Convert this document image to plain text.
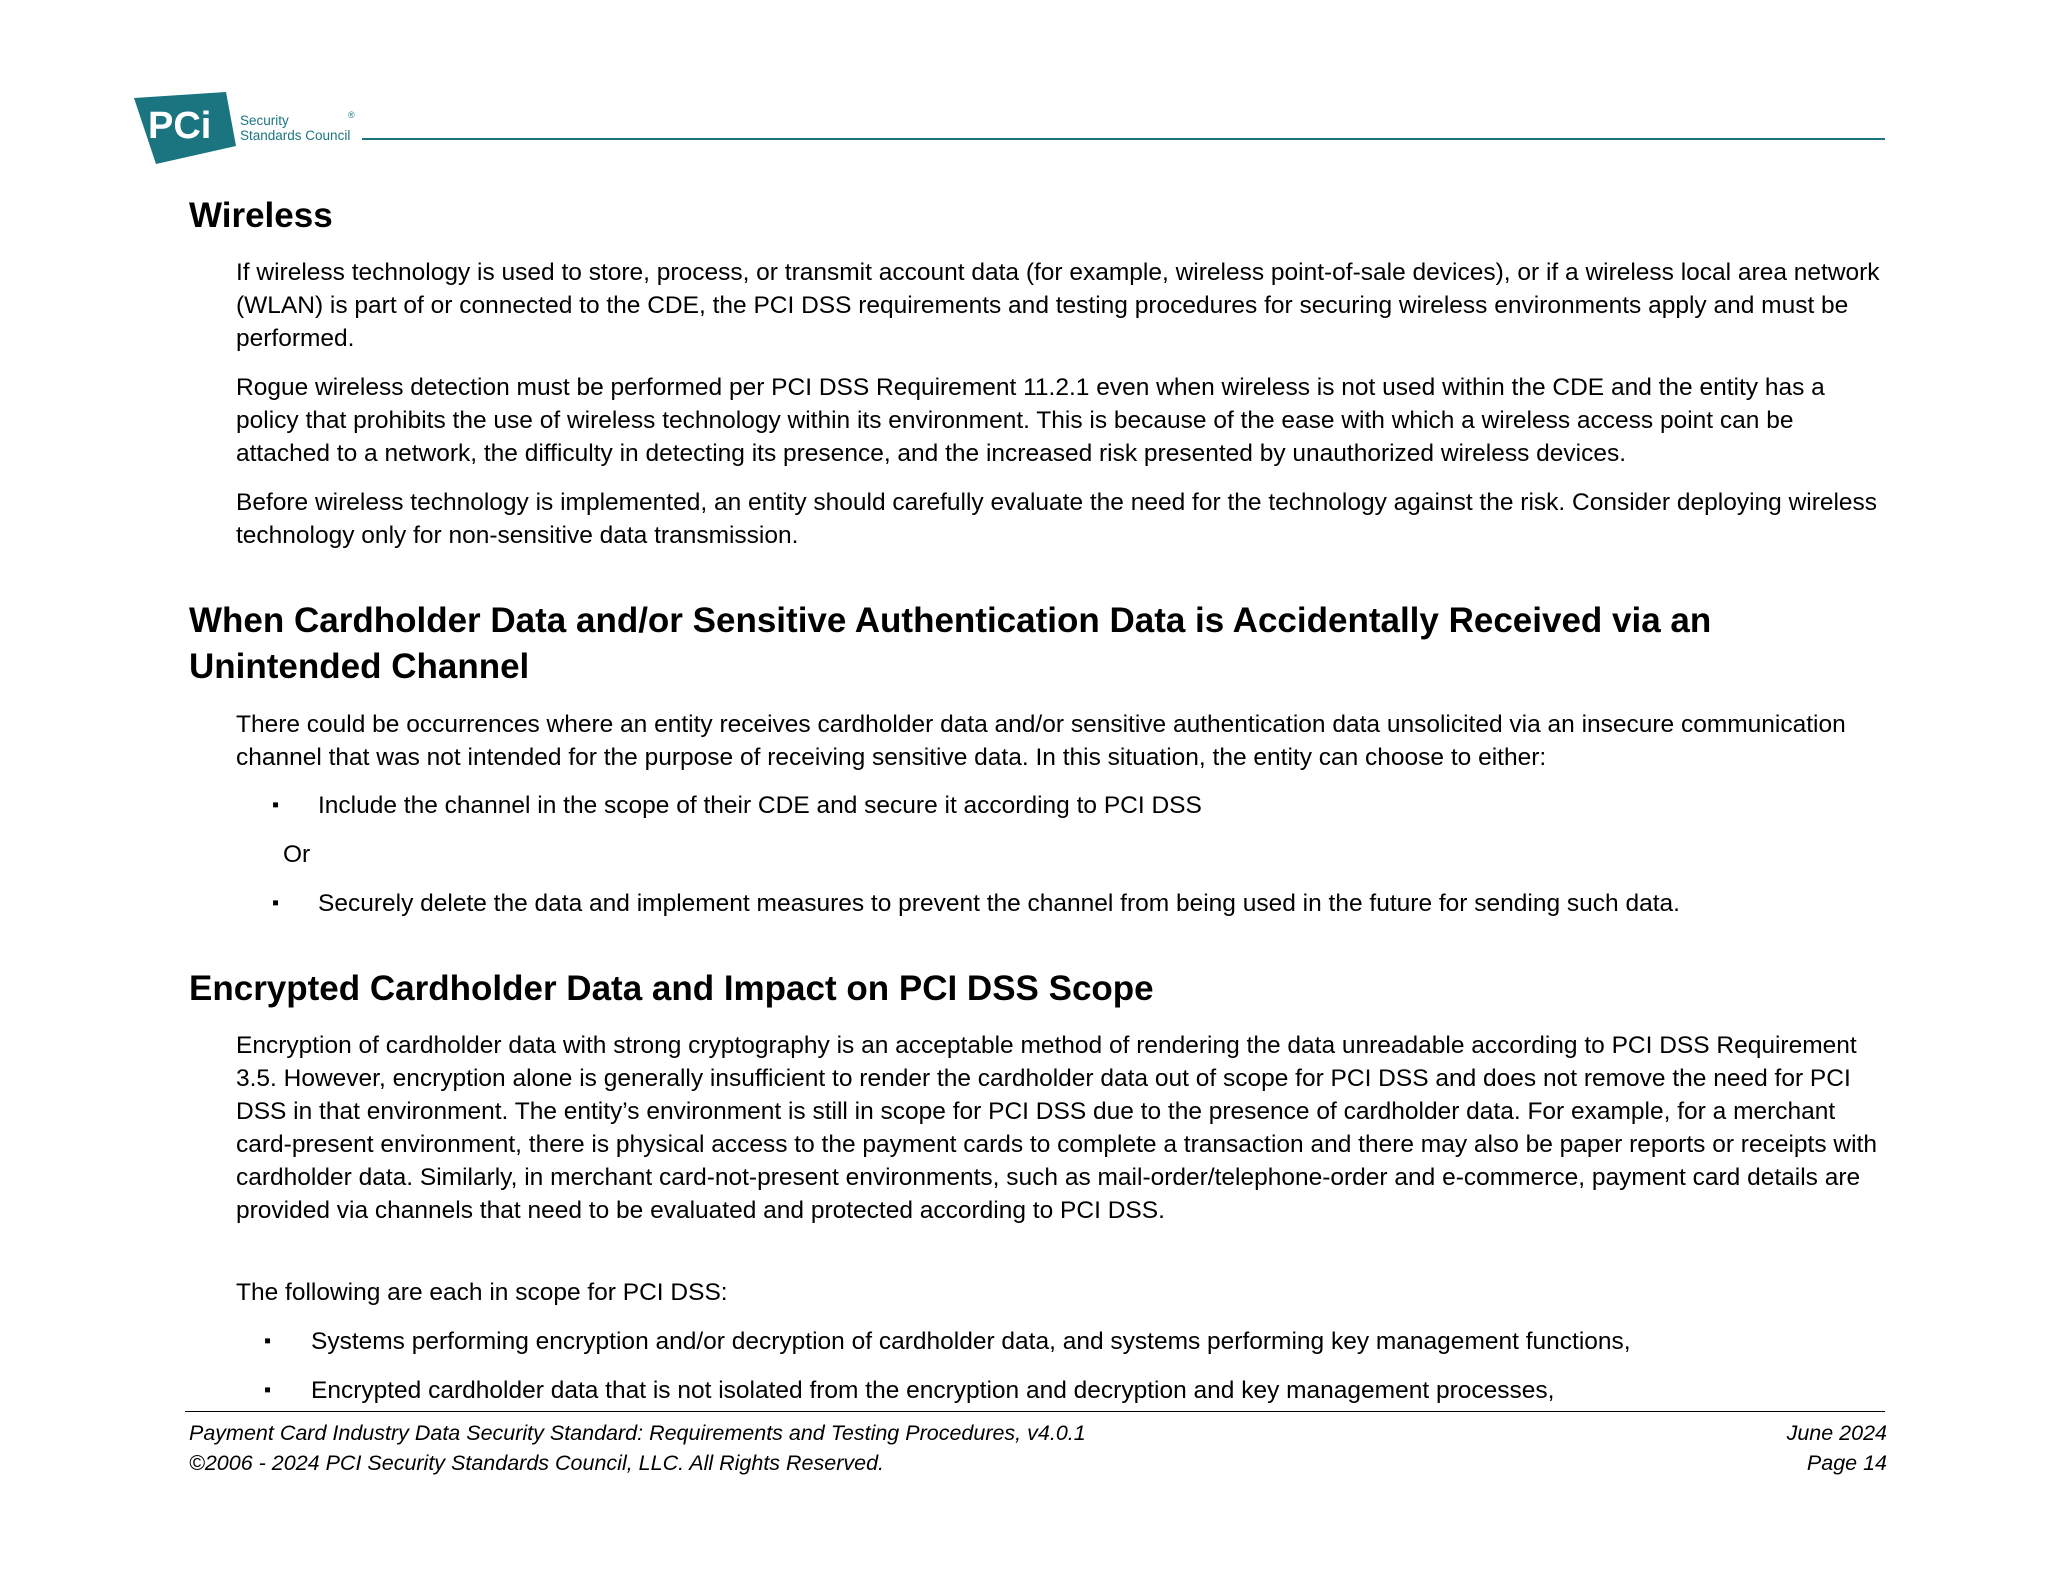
PCi Security
Standards Council
®
Wireless

If wireless technology is used to store, process, or transmit account data (for example, wireless point-of-sale devices), or if a wireless local area network (WLAN) is part of or connected to the CDE, the PCI DSS requirements and testing procedures for securing wireless environments apply and must be performed.

Rogue wireless detection must be performed per PCI DSS Requirement 11.2.1 even when wireless is not used within the CDE and the entity has a policy that prohibits the use of wireless technology within its environment. This is because of the ease with which a wireless access point can be attached to a network, the difficulty in detecting its presence, and the increased risk presented by unauthorized wireless devices.

Before wireless technology is implemented, an entity should carefully evaluate the need for the technology against the risk. Consider deploying wireless technology only for non-sensitive data transmission.

When Cardholder Data and/or Sensitive Authentication Data is Accidentally Received via an Unintended Channel

There could be occurrences where an entity receives cardholder data and/or sensitive authentication data unsolicited via an insecure communication channel that was not intended for the purpose of receiving sensitive data. In this situation, the entity can choose to either:

▪ Include the channel in the scope of their CDE and secure it according to PCI DSS
Or
▪ Securely delete the data and implement measures to prevent the channel from being used in the future for sending such data.
Encrypted Cardholder Data and Impact on PCI DSS Scope

Encryption of cardholder data with strong cryptography is an acceptable method of rendering the data unreadable according to PCI DSS Requirement 3.5. However, encryption alone is generally insufficient to render the cardholder data out of scope for PCI DSS and does not remove the need for PCI DSS in that environment. The entity’s environment is still in scope for PCI DSS due to the presence of cardholder data. For example, for a merchant card-present environment, there is physical access to the payment cards to complete a transaction and there may also be paper reports or receipts with cardholder data. Similarly, in merchant card-not-present environments, such as mail-order/telephone-order and e-commerce, payment card details are provided via channels that need to be evaluated and protected according to PCI DSS.

The following are each in scope for PCI DSS:

▪ Systems performing encryption and/or decryption of cardholder data, and systems performing key management functions,
▪ Encrypted cardholder data that is not isolated from the encryption and decryption and key management processes,
Payment Card Industry Data Security Standard: Requirements and Testing Procedures, v4.0.1
©2006 - 2024 PCI Security Standards Council, LLC. All Rights Reserved.
June 2024
Page 14
